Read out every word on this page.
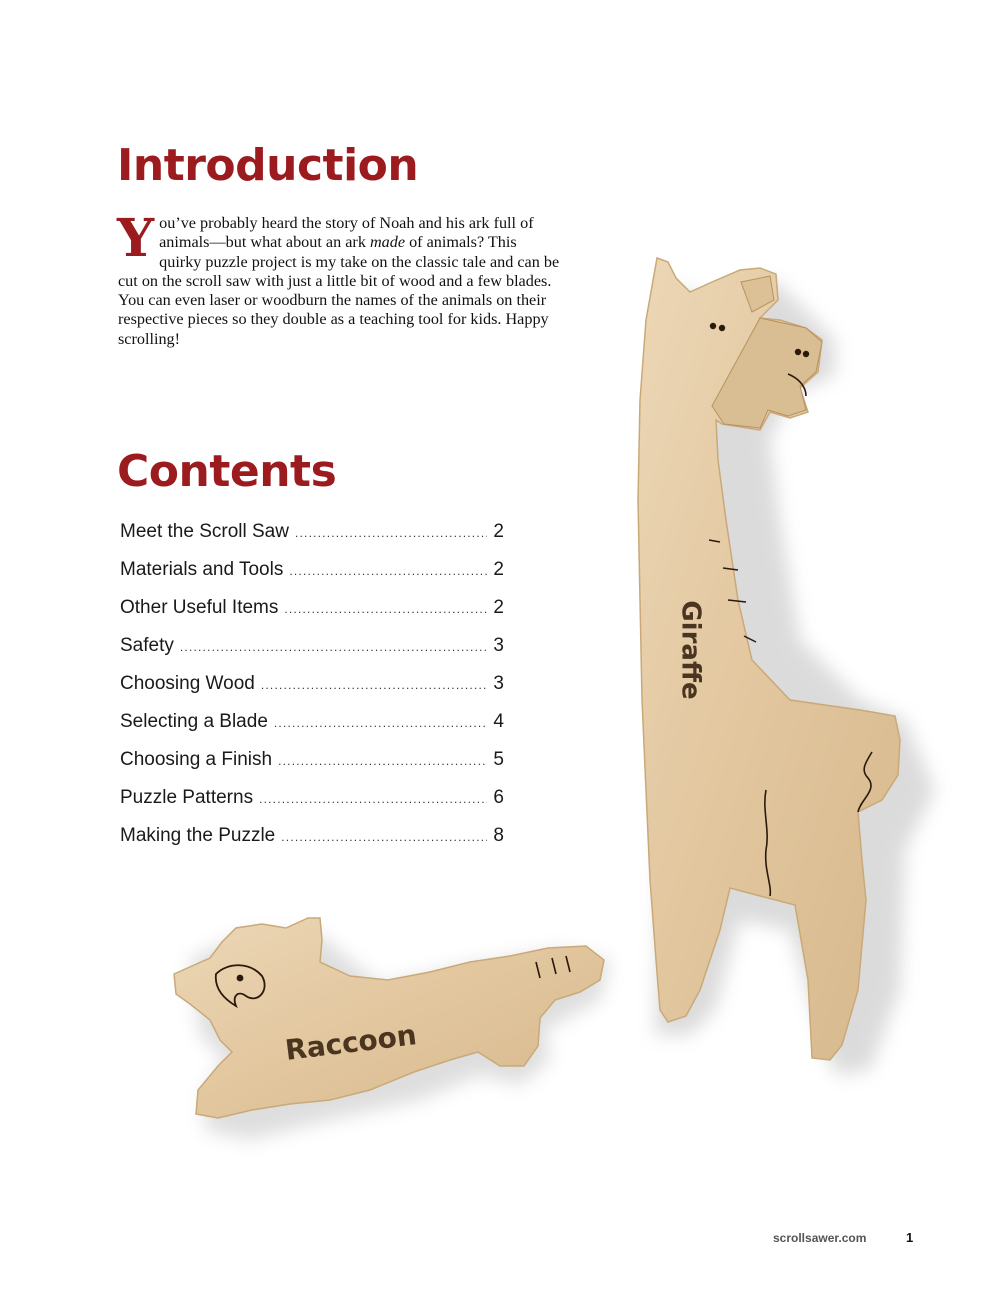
Giraffe
Raccoon
Introduction

You’ve probably heard the story of Noah and his ark full of animals—but what about an ark made of animals? This quirky puzzle project is my take on the classic tale and can be cut on the scroll saw with just a little bit of wood and a few blades. You can even laser or woodburn the names of the animals on their respective pieces so they double as a teaching tool for kids. Happy scrolling!

Contents
Meet the Scroll Saw .....	2
Materials and Tools .....	2
Other Useful Items .....	2
Safety .....	3
Choosing Wood .....	3
Selecting a Blade .....	4
Choosing a Finish .....	5
Puzzle Patterns .....	6
Making the Puzzle .....	8
scrollsawer.com	1
